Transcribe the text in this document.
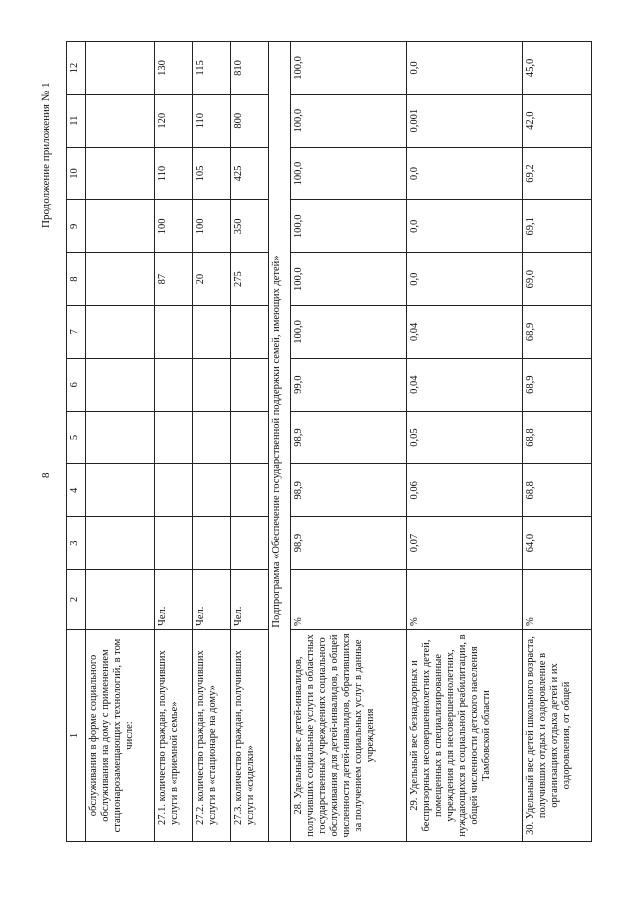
8
Продолжение приложения № 1
1	2	3	4	5	6	7	8	9	10	11	12
обслуживания в форме социального обслуживания на дому с применением стационарозамещающих технологий, в том числе:											
27.1. количество граждан, получивших услуги в «приемной семье»	Чел.						87	100	110	120	130
27.2. количество граждан, получивших услуги в «стационаре на дому»	Чел.						20	100	105	110	115
27.3. количество граждан, получивших услуги «сиделки»	Чел.						275	350	425	800	810
Подпрограмма «Обеспечение государственной поддержки семей, имеющих детей»											
28. Удельный вес детей-инвалидов, получивших социальные услуги в областных государственных учреждениях социального обслуживания для детей-инвалидов, в общей численности детей-инвалидов, обратившихся за получением социальных услуг в данные учреждения	%	98,9	98,9	98,9	99,0	100,0	100,0	100,0	100,0	100,0	100,0
29. Удельный вес безнадзорных и беспризорных несовершеннолетних детей, помещенных в специализированные учреждения для несовершеннолетних, нуждающихся в социальной реабилитации, в общей численности детского населения Тамбовской области	%	0,07	0,06	0,05	0,04	0,04	0,0	0,0	0,0	0,001	0,0
30. Удельный вес детей школьного возраста, получивших отдых и оздоровление в организациях отдыха детей и их оздоровления, от общей	%	64,0	68,8	68,8	68,9	68,9	69,0	69,1	69,2	42,0	45,0
